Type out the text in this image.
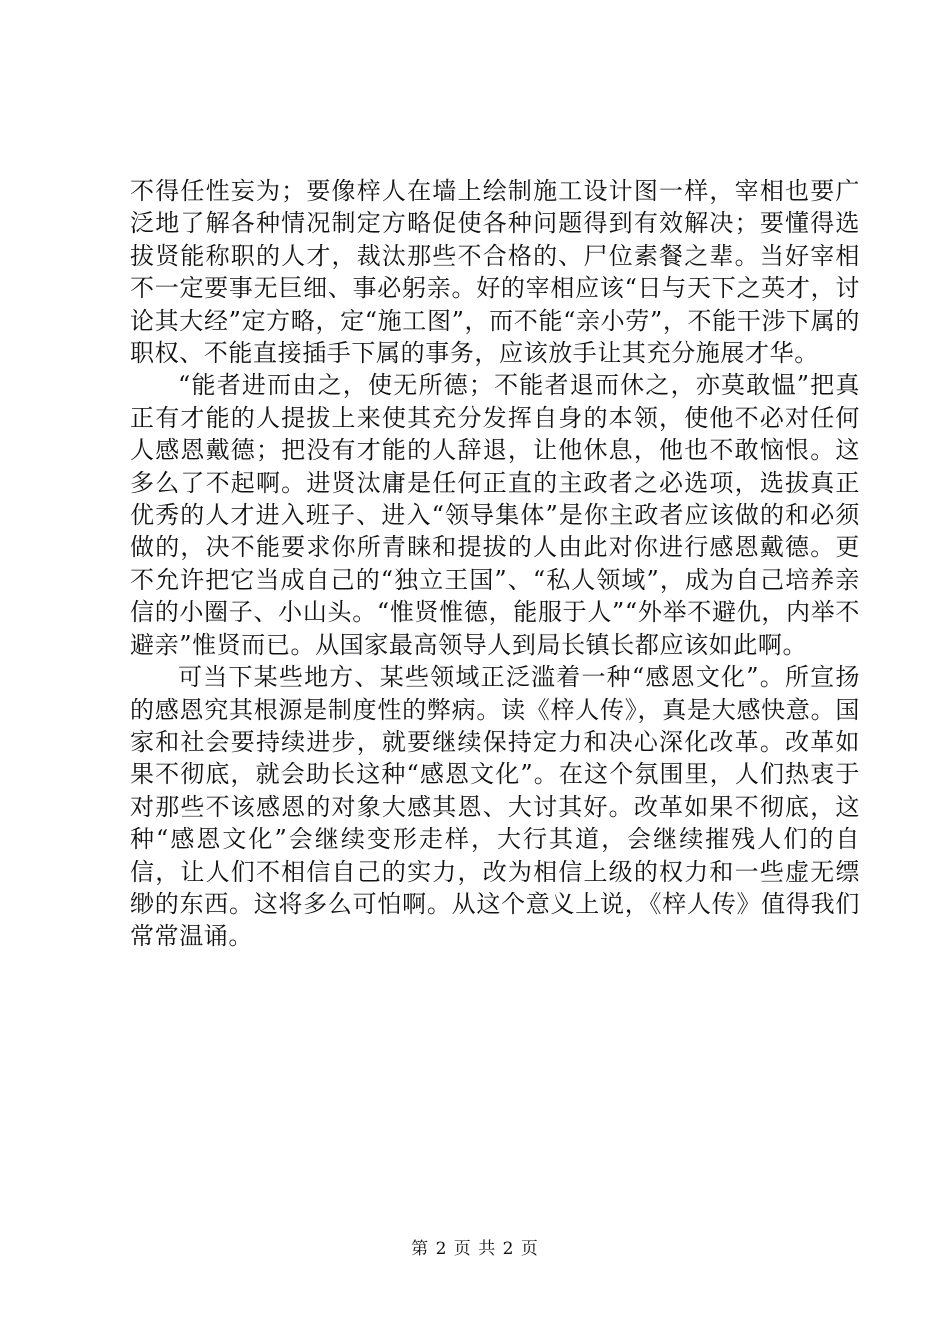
不得任性妄为；要像梓人在墙上绘制施工设计图一样，宰相也要广泛地了解各种情况制定方略促使各种问题得到有效解决；要懂得选拔贤能称职的人才，裁汰那些不合格的、尸位素餐之辈。当好宰相不一定要事无巨细、事必躬亲。好的宰相应该“日与天下之英才，讨论其大经”定方略，定“施工图”，而不能“亲小劳”，不能干涉下属的职权、不能直接插手下属的事务，应该放手让其充分施展才华。

“能者进而由之，使无所德；不能者退而休之，亦莫敢愠”把真正有才能的人提拔上来使其充分发挥自身的本领，使他不必对任何人感恩戴德；把没有才能的人辞退，让他休息，他也不敢恼恨。这多么了不起啊。进贤汰庸是任何正直的主政者之必选项，选拔真正优秀的人才进入班子、进入“领导集体”是你主政者应该做的和必须做的，决不能要求你所青睐和提拔的人由此对你进行感恩戴德。更不允许把它当成自己的“独立王国”、“私人领域”，成为自己培养亲信的小圈子、小山头。“惟贤惟德，能服于人”“外举不避仇，内举不避亲”惟贤而已。从国家最高领导人到局长镇长都应该如此啊。

可当下某些地方、某些领域正泛滥着一种“感恩文化”。所宣扬的感恩究其根源是制度性的弊病。读《梓人传》，真是大感快意。国家和社会要持续进步，就要继续保持定力和决心深化改革。改革如果不彻底，就会助长这种“感恩文化”。在这个氛围里，人们热衷于对那些不该感恩的对象大感其恩、大讨其好。改革如果不彻底，这种“感恩文化”会继续变形走样，大行其道，会继续摧残人们的自信，让人们不相信自己的实力，改为相信上级的权力和一些虚无缥缈的东西。这将多么可怕啊。从这个意义上说，《梓人传》值得我们常常温诵。

第 2 页 共 2 页
